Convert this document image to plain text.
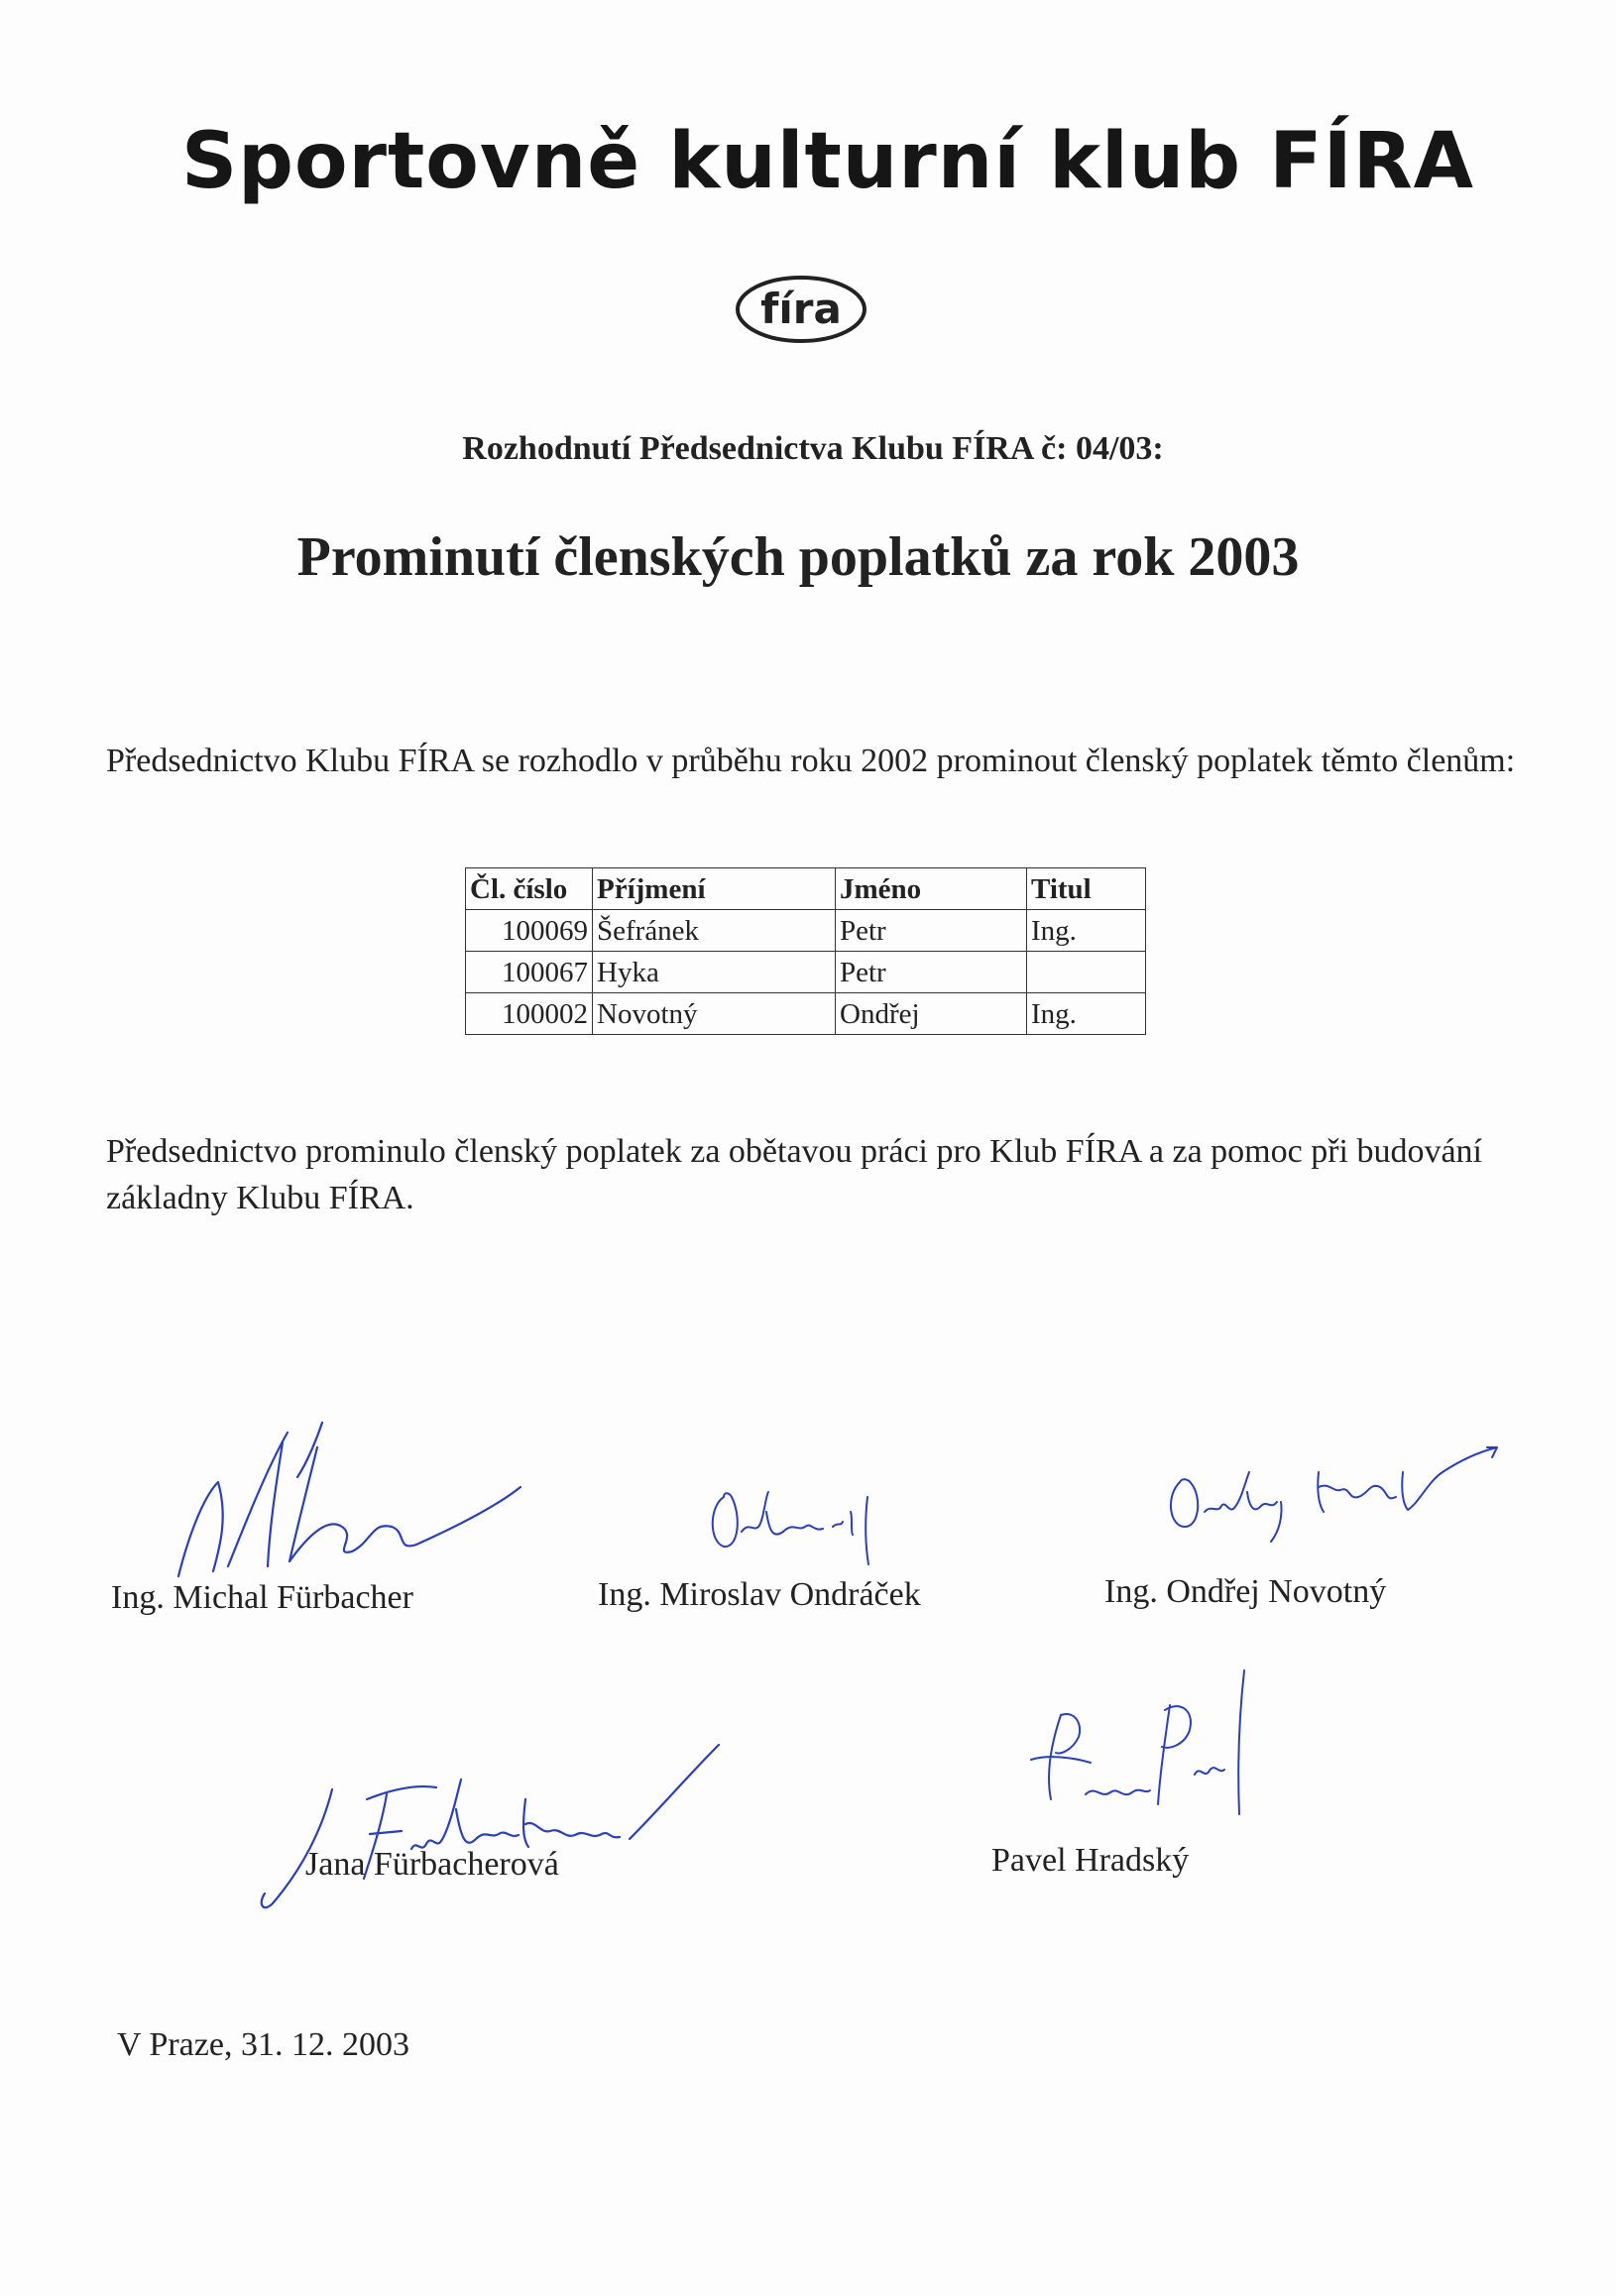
Sportovně kulturní klub FÍRA
fíra
Rozhodnutí Předsednictva Klubu FÍRA č: 04/03:
Prominutí členských poplatků za rok 2003
Předsednictvo Klubu FÍRA se rozhodlo v průběhu roku 2002 prominout členský poplatek těmto členům:
Čl. číslo	Příjmení	Jméno	Titul
100069	Šefránek	Petr	Ing.
100067	Hyka	Petr	
100002	Novotný	Ondřej	Ing.
Předsednictvo prominulo členský poplatek za obětavou práci pro Klub FÍRA a za pomoc při budování základny Klubu FÍRA.
Ing. Michal Fürbacher	Ing. Miroslav Ondráček	Ing. Ondřej Novotný
Jana Fürbacherová	Pavel Hradský
V Praze, 31. 12. 2003
